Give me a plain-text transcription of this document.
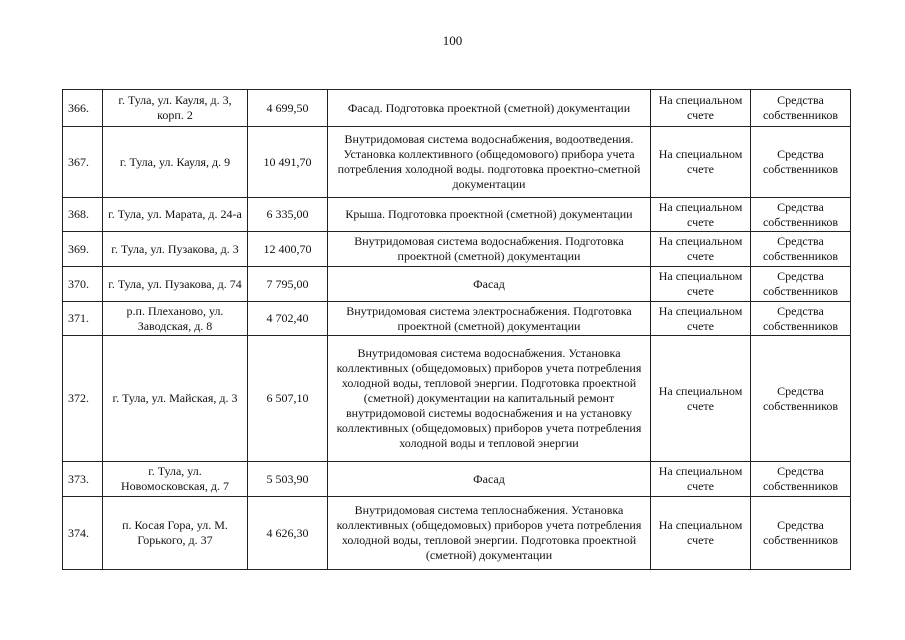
100
366.	г. Тула, ул. Кауля, д. 3, корп. 2	4 699,50	Фасад. Подготовка проектной (сметной) документации	На специальном счете	Средства собственников
367.	г. Тула, ул. Кауля, д. 9	10 491,70	Внутридомовая система водоснабжения, водоотведения. Установка коллективного (общедомового) прибора учета потребления холодной воды. подготовка проектно-сметной документации	На специальном счете	Средства собственников
368.	г. Тула, ул. Марата, д. 24-а	6 335,00	Крыша. Подготовка проектной (сметной) документации	На специальном счете	Средства собственников
369.	г. Тула, ул. Пузакова, д. 3	12 400,70	Внутридомовая система водоснабжения. Подготовка проектной (сметной) документации	На специальном счете	Средства собственников
370.	г. Тула, ул. Пузакова, д. 74	7 795,00	Фасад	На специальном счете	Средства собственников
371.	р.п. Плеханово, ул. Заводская, д. 8	4 702,40	Внутридомовая система электроснабжения. Подготовка проектной (сметной) документации	На специальном счете	Средства собственников
372.	г. Тула, ул. Майская, д. 3	6 507,10	Внутридомовая система водоснабжения. Установка коллективных (общедомовых) приборов учета потребления холодной воды, тепловой энергии. Подготовка проектной (сметной) документации на капитальный ремонт внутридомовой системы водоснабжения и на установку коллективных (общедомовых) приборов учета потребления холодной воды и тепловой энергии	На специальном счете	Средства собственников
373.	г. Тула, ул. Новомосковская, д. 7	5 503,90	Фасад	На специальном счете	Средства собственников
374.	п. Косая Гора, ул. М. Горького, д. 37	4 626,30	Внутридомовая система теплоснабжения. Установка коллективных (общедомовых) приборов учета потребления холодной воды, тепловой энергии. Подготовка проектной (сметной) документации	На специальном счете	Средства собственников
